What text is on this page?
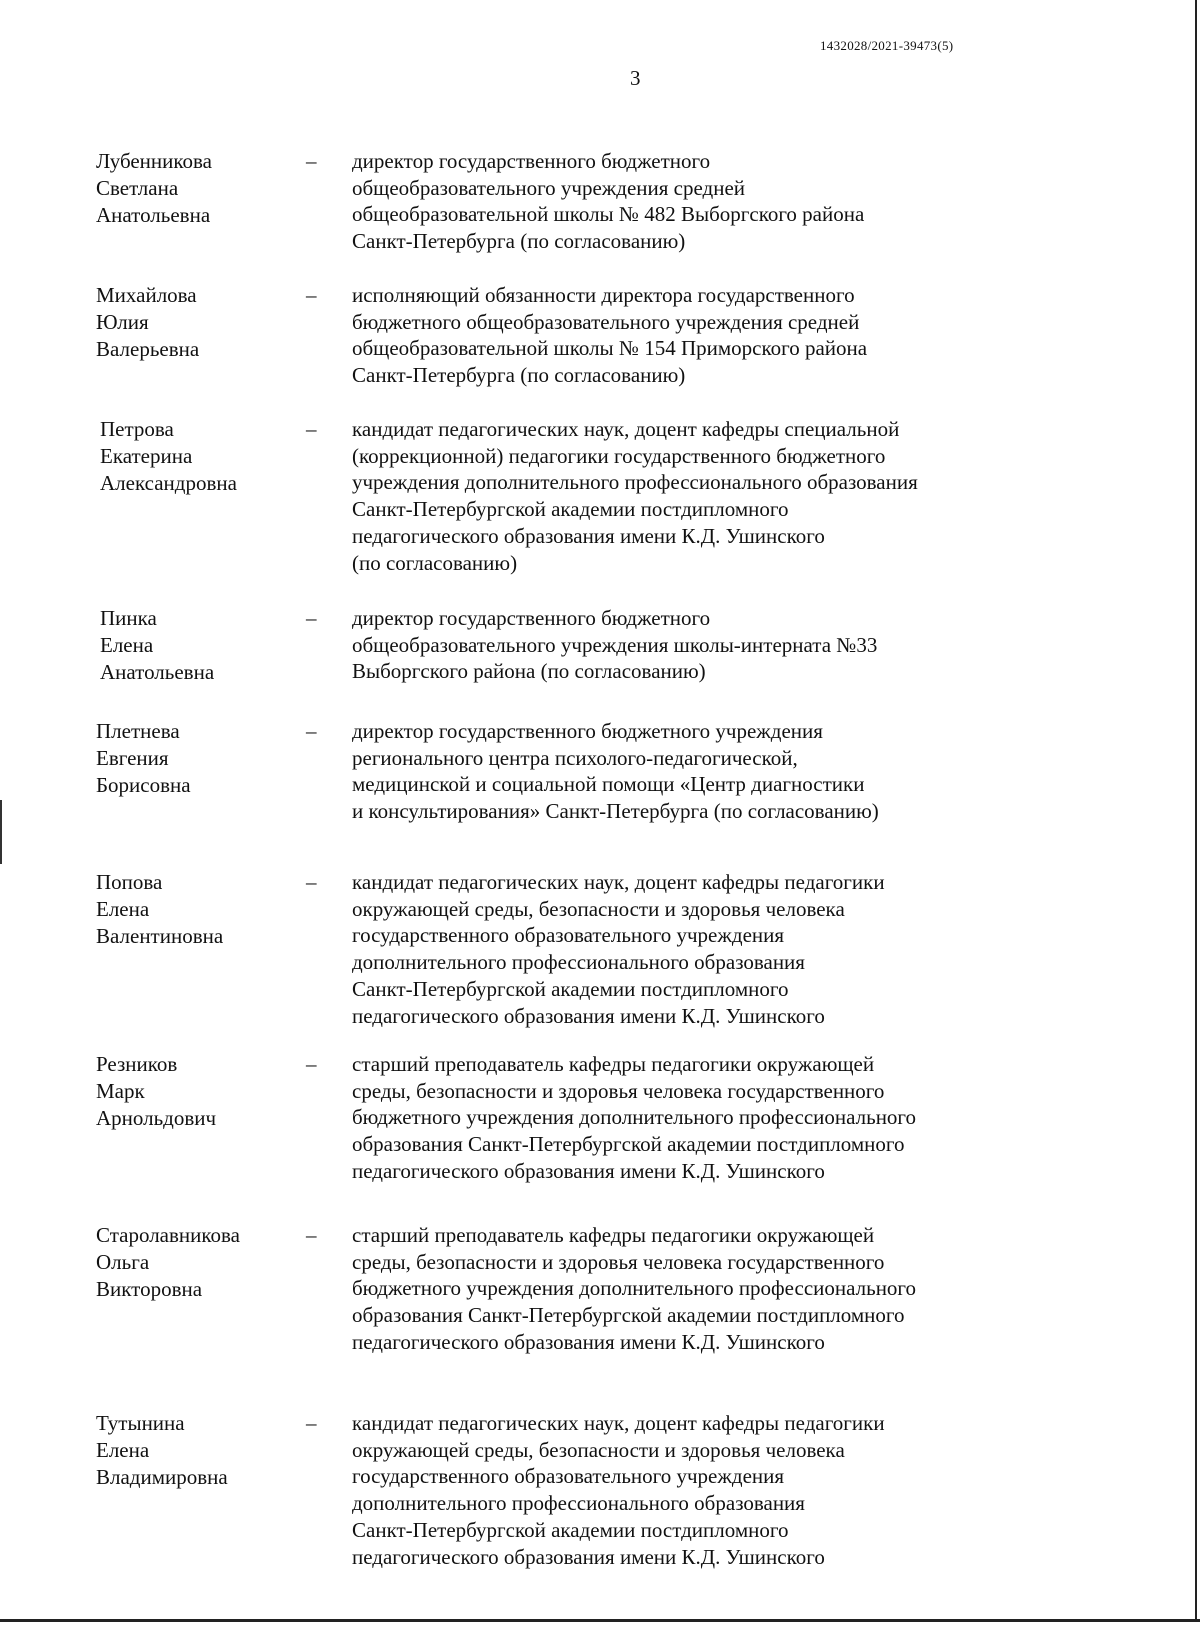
1432028/2021-39473(5)
3
Лубенникова
Светлана
Анатольевна
– директор государственного бюджетного
общеобразовательного учреждения средней
общеобразовательной школы № 482 Выборгского района
Санкт-Петербурга (по согласованию)
Михайлова
Юлия
Валерьевна
– исполняющий обязанности директора государственного
бюджетного общеобразовательного учреждения средней
общеобразовательной школы № 154 Приморского района
Санкт-Петербурга (по согласованию)
Петрова
Екатерина
Александровна
– кандидат педагогических наук, доцент кафедры специальной
(коррекционной) педагогики государственного бюджетного
учреждения дополнительного профессионального образования
Санкт-Петербургской академии постдипломного
педагогического образования имени К.Д. Ушинского
(по согласованию)
Пинка
Елена
Анатольевна
– директор государственного бюджетного
общеобразовательного учреждения школы-интерната №33
Выборгского района (по согласованию)
Плетнева
Евгения
Борисовна
– директор государственного бюджетного учреждения
регионального центра психолого-педагогической,
медицинской и социальной помощи «Центр диагностики
и консультирования» Санкт-Петербурга (по согласованию)
Попова
Елена
Валентиновна
– кандидат педагогических наук, доцент кафедры педагогики
окружающей среды, безопасности и здоровья человека
государственного образовательного учреждения
дополнительного профессионального образования
Санкт-Петербургской академии постдипломного
педагогического образования имени К.Д. Ушинского
Резников
Марк
Арнольдович
– старший преподаватель кафедры педагогики окружающей
среды, безопасности и здоровья человека государственного
бюджетного учреждения дополнительного профессионального
образования Санкт-Петербургской академии постдипломного
педагогического образования имени К.Д. Ушинского
Старолавникова
Ольга
Викторовна
– старший преподаватель кафедры педагогики окружающей
среды, безопасности и здоровья человека государственного
бюджетного учреждения дополнительного профессионального
образования Санкт-Петербургской академии постдипломного
педагогического образования имени К.Д. Ушинского
Тутынина
Елена
Владимировна
– кандидат педагогических наук, доцент кафедры педагогики
окружающей среды, безопасности и здоровья человека
государственного образовательного учреждения
дополнительного профессионального образования
Санкт-Петербургской академии постдипломного
педагогического образования имени К.Д. Ушинского
